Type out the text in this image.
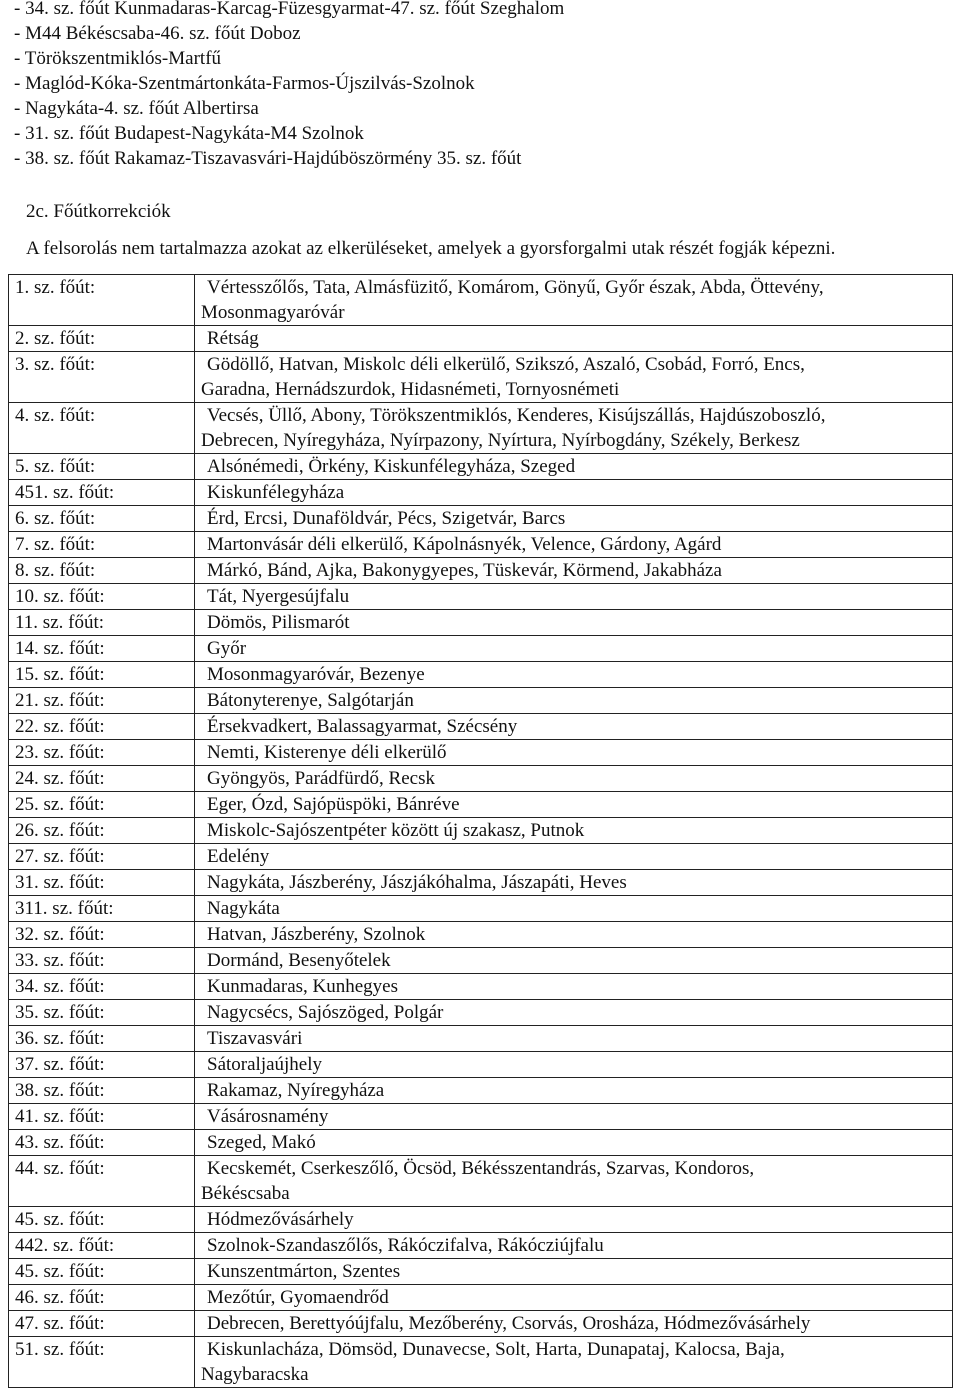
- 34. sz. főút Kunmadaras-Karcag-Füzesgyarmat-47. sz. főút Szeghalom
- M44 Békéscsaba-46. sz. főút Doboz
- Törökszentmiklós-Martfű
- Maglód-Kóka-Szentmártonkáta-Farmos-Újszilvás-Szolnok
- Nagykáta-4. sz. főút Albertirsa
- 31. sz. főút Budapest-Nagykáta-M4 Szolnok
- 38. sz. főút Rakamaz-Tiszavasvári-Hajdúböszörmény 35. sz. főút
2c. Főútkorrekciók
A felsorolás nem tartalmazza azokat az elkerüléseket, amelyek a gyorsforgalmi utak részét fogják képezni.
1. sz. főút:	Vértesszőlős, Tata, Almásfüzitő, Komárom, Gönyű, Győr észak, Abda, Öttevény,
Mosonmagyaróvár

2. sz. főút:	Rétság

3. sz. főút:	Gödöllő, Hatvan, Miskolc déli elkerülő, Szikszó, Aszaló, Csobád, Forró, Encs,
Garadna, Hernádszurdok, Hidasnémeti, Tornyosnémeti

4. sz. főút:	Vecsés, Üllő, Abony, Törökszentmiklós, Kenderes, Kisújszállás, Hajdúszoboszló,
Debrecen, Nyíregyháza, Nyírpazony, Nyírtura, Nyírbogdány, Székely, Berkesz

5. sz. főút:	Alsónémedi, Örkény, Kiskunfélegyháza, Szeged

451. sz. főút:	Kiskunfélegyháza

6. sz. főút:	Érd, Ercsi, Dunaföldvár, Pécs, Szigetvár, Barcs

7. sz. főút:	Martonvásár déli elkerülő, Kápolnásnyék, Velence, Gárdony, Agárd

8. sz. főút:	Márkó, Bánd, Ajka, Bakonygyepes, Tüskevár, Körmend, Jakabháza

10. sz. főút:	Tát, Nyergesújfalu

11. sz. főút:	Dömös, Pilismarót

14. sz. főút:	Győr

15. sz. főút:	Mosonmagyaróvár, Bezenye

21. sz. főút:	Bátonyterenye, Salgótarján

22. sz. főút:	Érsekvadkert, Balassagyarmat, Szécsény

23. sz. főút:	Nemti, Kisterenye déli elkerülő

24. sz. főút:	Gyöngyös, Parádfürdő, Recsk

25. sz. főút:	Eger, Ózd, Sajópüspöki, Bánréve

26. sz. főút:	Miskolc-Sajószentpéter között új szakasz, Putnok

27. sz. főút:	Edelény

31. sz. főút:	Nagykáta, Jászberény, Jászjákóhalma, Jászapáti, Heves

311. sz. főút:	Nagykáta

32. sz. főút:	Hatvan, Jászberény, Szolnok

33. sz. főút:	Dormánd, Besenyőtelek

34. sz. főút:	Kunmadaras, Kunhegyes

35. sz. főút:	Nagycsécs, Sajószöged, Polgár

36. sz. főút:	Tiszavasvári

37. sz. főút:	Sátoraljaújhely

38. sz. főút:	Rakamaz, Nyíregyháza

41. sz. főút:	Vásárosnamény

43. sz. főút:	Szeged, Makó

44. sz. főút:	Kecskemét, Cserkeszőlő, Öcsöd, Békésszentandrás, Szarvas, Kondoros,
Békéscsaba

45. sz. főút:	Hódmezővásárhely

442. sz. főút:	Szolnok-Szandaszőlős, Rákóczifalva, Rákócziújfalu

45. sz. főút:	Kunszentmárton, Szentes

46. sz. főút:	Mezőtúr, Gyomaendrőd

47. sz. főút:	Debrecen, Berettyóújfalu, Mezőberény, Csorvás, Orosháza, Hódmezővásárhely

51. sz. főút:	Kiskunlacháza, Dömsöd, Dunavecse, Solt, Harta, Dunapataj, Kalocsa, Baja,
Nagybaracska
